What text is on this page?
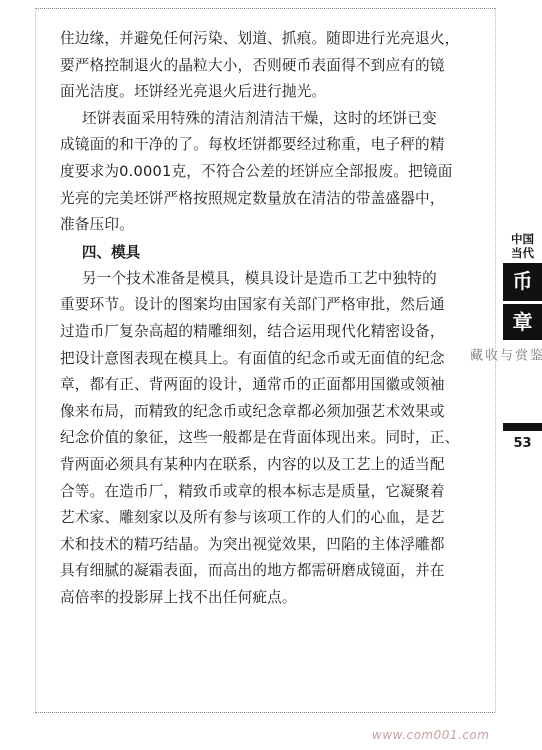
住边缘，并避免任何污染、划道、抓痕。随即进行光亮退火，
要严格控制退火的晶粒大小，否则硬币表面得不到应有的镜
面光洁度。坯饼经光亮退火后进行抛光。
坯饼表面采用特殊的清洁剂清洁干燥，这时的坯饼已变
成镜面的和干净的了。每枚坯饼都要经过称重，电子秤的精
度要求为0.0001克，不符合公差的坯饼应全部报废。把镜面
光亮的完美坯饼严格按照规定数量放在清洁的带盖盛器中，
准备压印。
四、模具
另一个技术准备是模具，模具设计是造币工艺中独特的
重要环节。设计的图案均由国家有关部门严格审批，然后通
过造币厂复杂高超的精雕细刻，结合运用现代化精密设备，
把设计意图表现在模具上。有面值的纪念币或无面值的纪念
章，都有正、背两面的设计，通常币的正面都用国徽或领袖
像来布局，而精致的纪念币或纪念章都必须加强艺术效果或
纪念价值的象征，这些一般都是在背面体现出来。同时，正、
背两面必须具有某种内在联系，内容的以及工艺上的适当配
合等。在造币厂，精致币或章的根本标志是质量，它凝聚着
艺术家、雕刻家以及所有参与该项工作的人们的心血，是艺
术和技术的精巧结晶。为突出视觉效果，凹陷的主体浮雕都
具有细腻的凝霜表面，而高出的地方都需研磨成镜面，并在
高倍率的投影屏上找不出任何疵点。
中国
当代
币
章
鉴赏与收藏
53
www.com001.com
